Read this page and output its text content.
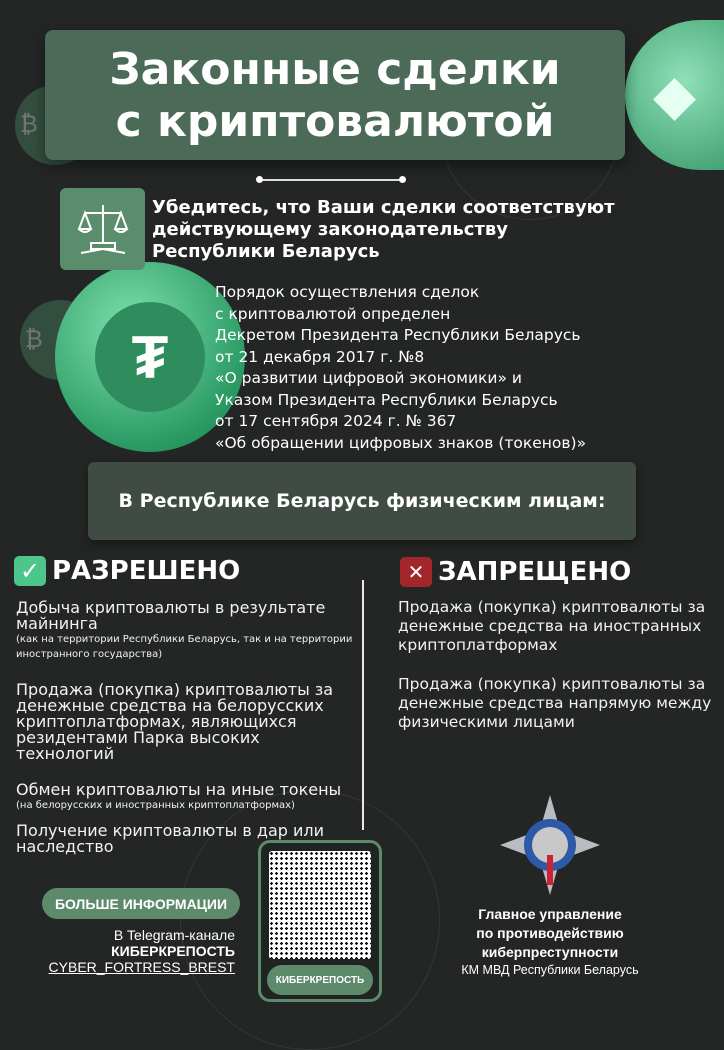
₿
₿
◆
₮
Законные сделки
с криптовалютой
Убедитесь, что Ваши сделки соответствуют действующему законодательству Республики Беларусь
Порядок осуществления сделок
с криптовалютой определен
Декретом Президента Республики Беларусь
от 21 декабря 2017 г. №8
«О развитии цифровой экономики» и
Указом Президента Республики Беларусь
от 17 сентября 2024 г. № 367
«Об обращении цифровых знаков (токенов)»
В Республике Беларусь физическим лицам:
✓ РАЗРЕШЕНО
Добыча криптовалюты в результате майнинга
(как на территории Республики Беларусь, так и на территории иностранного государства)
Продажа (покупка) криптовалюты за денежные средства на белорусских криптоплатформах, являющихся резидентами Парка высоких технологий
Обмен криптовалюты на иные токены
(на белорусских и иностранных криптоплатформах)
Получение криптовалюты в дар или наследство
✕ ЗАПРЕЩЕНО
Продажа (покупка) криптовалюты за денежные средства на иностранных криптоплатформах
Продажа (покупка) криптовалюты за денежные средства напрямую между физическими лицами
БОЛЬШЕ ИНФОРМАЦИИ
В Telegram-канале
КИБЕРКРЕПОСТЬ
CYBER_FORTRESS_BREST
КИБЕРКРЕПОСТЬ
Главное управление
по противодействию
киберпреступности
КМ МВД Республики Беларусь
